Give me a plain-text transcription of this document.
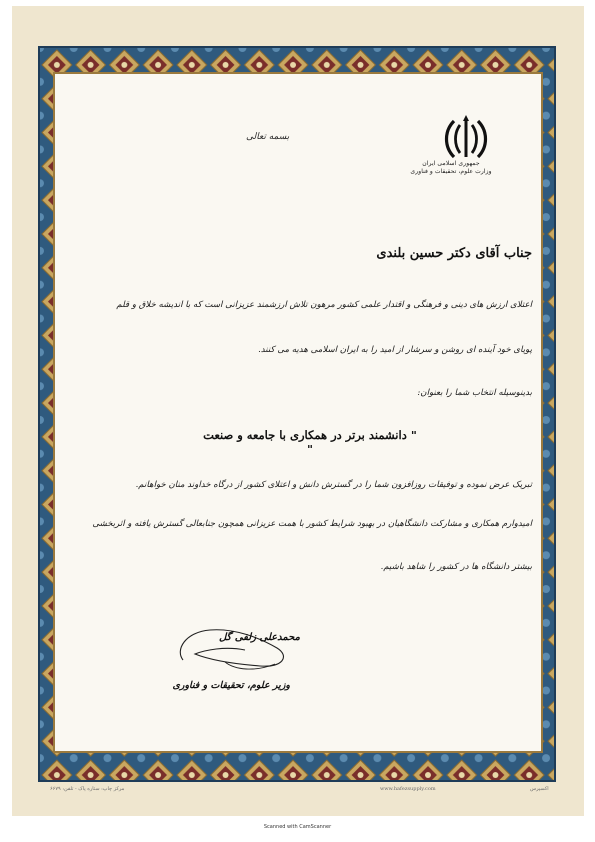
بسمه تعالی
جمهوری اسلامی ایران
وزارت علوم، تحقیقات و فناوری
جناب آقای دکتر حسین بلندی
اعتلای ارزش های دینی و فرهنگی و اقتدار علمی کشور مرهون تلاش ارزشمند عزیزانی است که با اندیشه خلاق و قلم
پویای خود آینده ای روشن و سرشار از امید را به ایران اسلامی هدیه می کنند.
بدینوسیله انتخاب شما را بعنوان:
" دانشمند برتر در همکاری با جامعه و صنعت "
تبریک عرض نموده و توفیقات روزافزون شما را در گسترش دانش و اعتلای کشور از درگاه خداوند منان خواهانم.
امیدوارم همکاری و مشارکت دانشگاهیان در بهبود شرایط کشور با همت عزیزانی همچون جنابعالی گسترش یافته و اثربخشی
بیشتر دانشگاه ها در کشور را شاهد باشیم.
محمدعلی زلفی گل
وزیر علوم، تحقیقات و فناوری
مرکز چاپ: ستاره پاک - تلفن: ۶۶۷۹	www.hafezsupply.com	اکسپرس
Scanned with CamScanner
